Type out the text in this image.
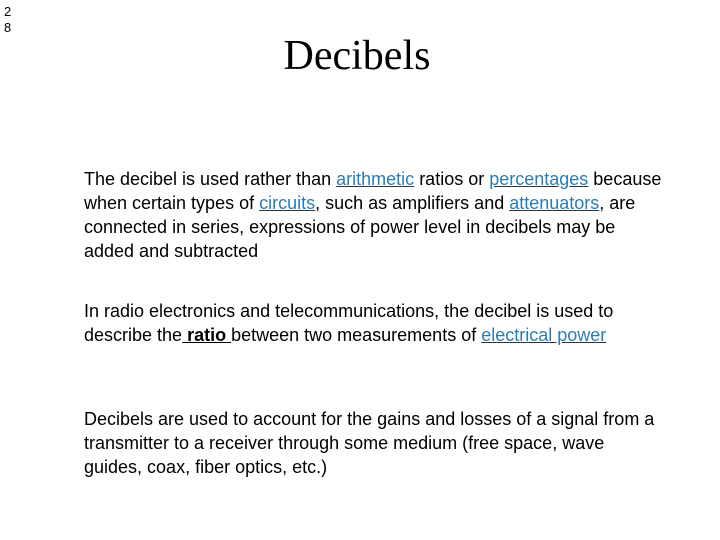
2
8
Decibels
The decibel is used rather than arithmetic ratios or percentages because when certain types of circuits, such as amplifiers and attenuators, are connected in series, expressions of power level in decibels may be added and subtracted
In radio electronics and telecommunications, the decibel is used to describe the ratio between two measurements of electrical power
Decibels are used to account for the gains and losses of a signal from a transmitter to a receiver through some medium (free space, wave guides, coax, fiber optics, etc.)
